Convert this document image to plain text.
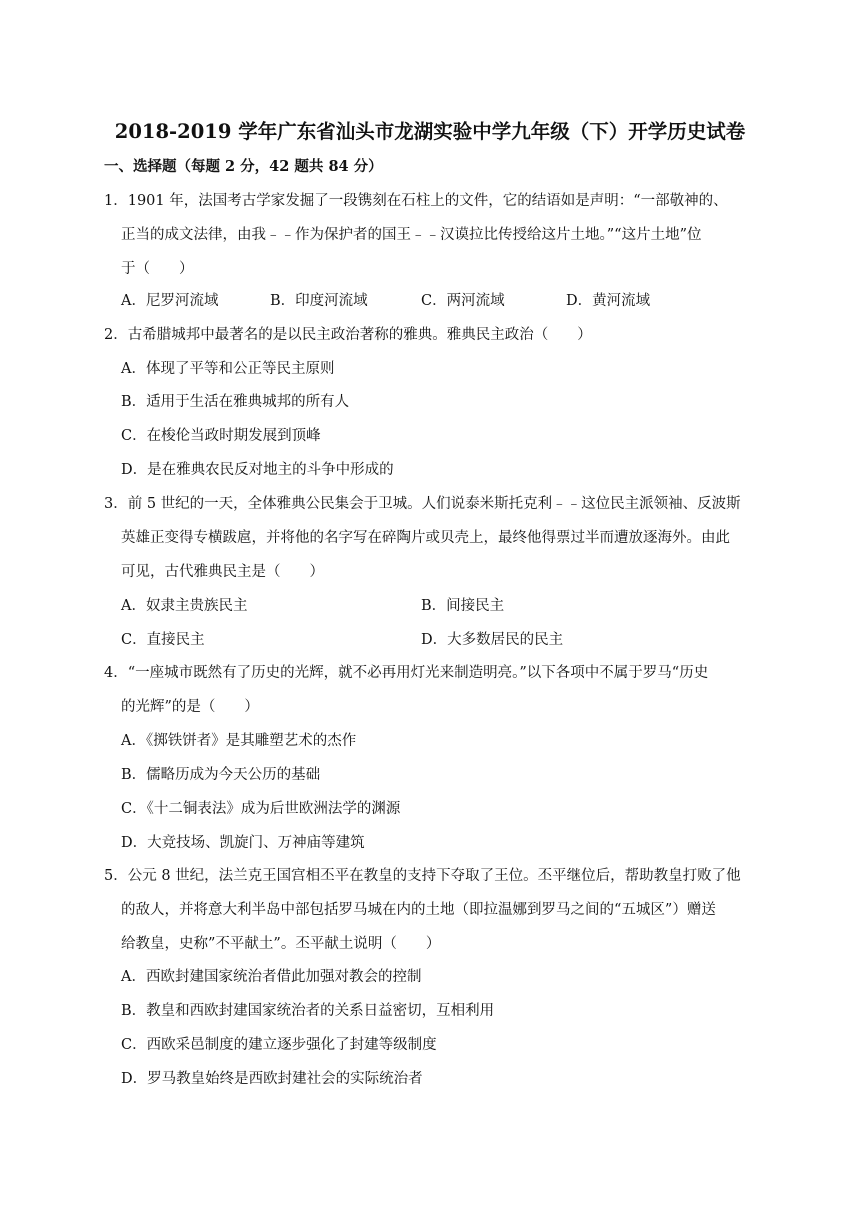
2018-2019 学年广东省汕头市龙湖实验中学九年级（下）开学历史试卷
一、选择题（每题 2 分，42 题共 84 分）
1．1901 年，法国考古学家发掘了一段镌刻在石柱上的文件，它的结语如是声明：“一部敬神的、
正当的成文法律，由我﹣﹣作为保护者的国王﹣﹣汉谟拉比传授给这片土地。”“这片土地”位
于（　　）
A．尼罗河流域	B．印度河流域	C．两河流域	D．黄河流域
2．古希腊城邦中最著名的是以民主政治著称的雅典。雅典民主政治（　　）
A．体现了平等和公正等民主原则
B．适用于生活在雅典城邦的所有人
C．在梭伦当政时期发展到顶峰
D．是在雅典农民反对地主的斗争中形成的
3．前 5 世纪的一天，全体雅典公民集会于卫城。人们说泰米斯托克利﹣﹣这位民主派领袖、反波斯
英雄正变得专横跋扈，并将他的名字写在碎陶片或贝壳上，最终他得票过半而遭放逐海外。由此
可见，古代雅典民主是（　　）
A．奴隶主贵族民主	B．间接民主
C．直接民主	D．大多数居民的民主
4．“一座城市既然有了历史的光辉，就不必再用灯光来制造明亮。”以下各项中不属于罗马“历史
的光辉”的是（　　）
A．《掷铁饼者》是其雕塑艺术的杰作
B．儒略历成为今天公历的基础
C．《十二铜表法》成为后世欧洲法学的渊源
D．大竞技场、凯旋门、万神庙等建筑
5．公元 8 世纪，法兰克王国宫相丕平在教皇的支持下夺取了王位。丕平继位后，帮助教皇打败了他
的敌人，并将意大利半岛中部包括罗马城在内的土地（即拉温娜到罗马之间的“五城区”）赠送
给教皇，史称”不平献土”。丕平献土说明（　　）
A．西欧封建国家统治者借此加强对教会的控制
B．教皇和西欧封建国家统治者的关系日益密切，互相利用
C．西欧采邑制度的建立逐步强化了封建等级制度
D．罗马教皇始终是西欧封建社会的实际统治者
